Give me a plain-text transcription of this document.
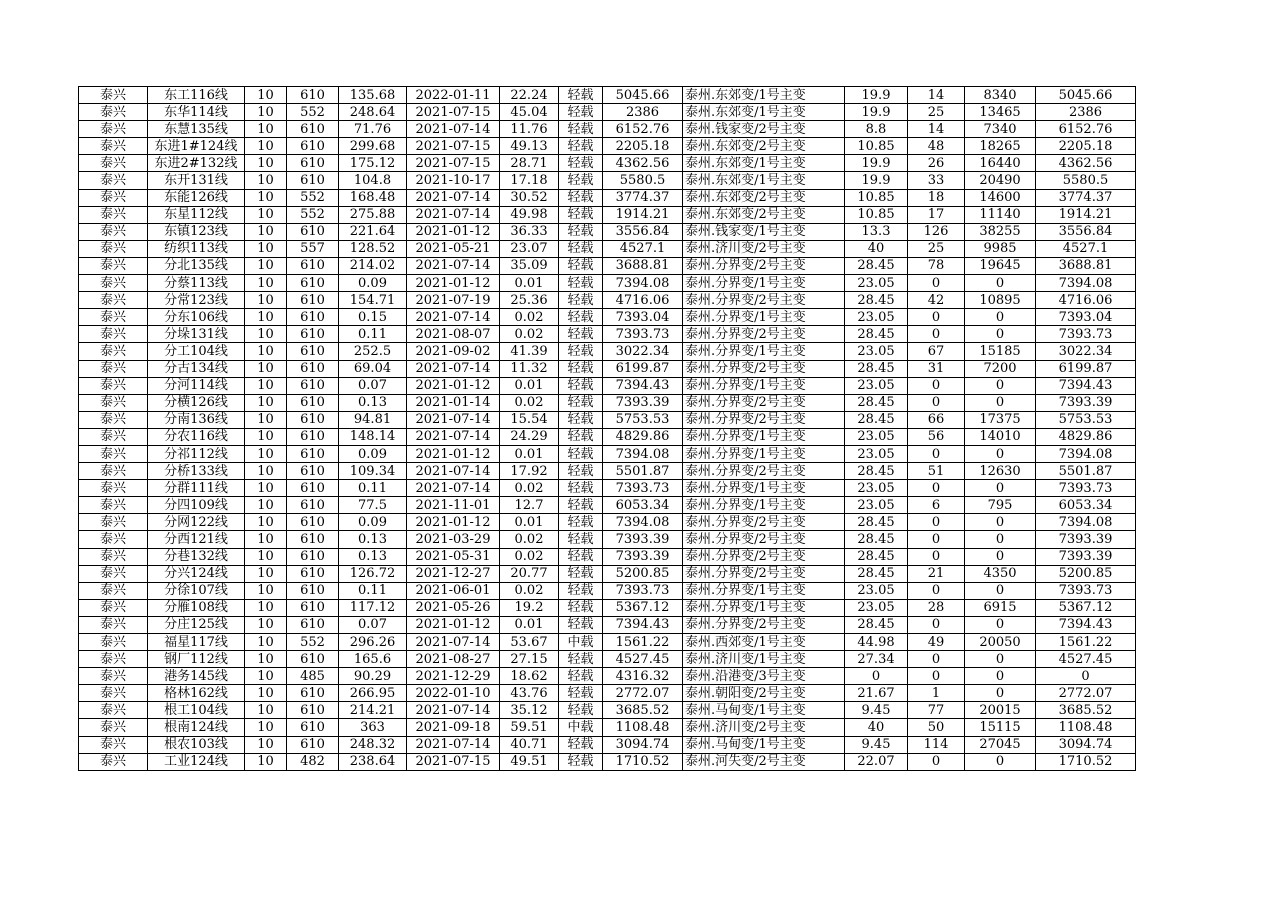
泰兴	东工116线	10	610	135.68	2022-01-11	22.24	轻载	5045.66	泰州.东郊变/1号主变	19.9	14	8340	5045.66
泰兴	东华114线	10	552	248.64	2021-07-15	45.04	轻载	2386	泰州.东郊变/1号主变	19.9	25	13465	2386
泰兴	东慧135线	10	610	71.76	2021-07-14	11.76	轻载	6152.76	泰州.钱家变/2号主变	8.8	14	7340	6152.76
泰兴	东进1#124线	10	610	299.68	2021-07-15	49.13	轻载	2205.18	泰州.东郊变/2号主变	10.85	48	18265	2205.18
泰兴	东进2#132线	10	610	175.12	2021-07-15	28.71	轻载	4362.56	泰州.东郊变/1号主变	19.9	26	16440	4362.56
泰兴	东开131线	10	610	104.8	2021-10-17	17.18	轻载	5580.5	泰州.东郊变/1号主变	19.9	33	20490	5580.5
泰兴	东能126线	10	552	168.48	2021-07-14	30.52	轻载	3774.37	泰州.东郊变/2号主变	10.85	18	14600	3774.37
泰兴	东星112线	10	552	275.88	2021-07-14	49.98	轻载	1914.21	泰州.东郊变/2号主变	10.85	17	11140	1914.21
泰兴	东镇123线	10	610	221.64	2021-01-12	36.33	轻载	3556.84	泰州.钱家变/1号主变	13.3	126	38255	3556.84
泰兴	纺织113线	10	557	128.52	2021-05-21	23.07	轻载	4527.1	泰州.济川变/2号主变	40	25	9985	4527.1
泰兴	分北135线	10	610	214.02	2021-07-14	35.09	轻载	3688.81	泰州.分界变/2号主变	28.45	78	19645	3688.81
泰兴	分蔡113线	10	610	0.09	2021-01-12	0.01	轻载	7394.08	泰州.分界变/1号主变	23.05	0	0	7394.08
泰兴	分常123线	10	610	154.71	2021-07-19	25.36	轻载	4716.06	泰州.分界变/2号主变	28.45	42	10895	4716.06
泰兴	分东106线	10	610	0.15	2021-07-14	0.02	轻载	7393.04	泰州.分界变/1号主变	23.05	0	0	7393.04
泰兴	分垛131线	10	610	0.11	2021-08-07	0.02	轻载	7393.73	泰州.分界变/2号主变	28.45	0	0	7393.73
泰兴	分工104线	10	610	252.5	2021-09-02	41.39	轻载	3022.34	泰州.分界变/1号主变	23.05	67	15185	3022.34
泰兴	分古134线	10	610	69.04	2021-07-14	11.32	轻载	6199.87	泰州.分界变/2号主变	28.45	31	7200	6199.87
泰兴	分河114线	10	610	0.07	2021-01-12	0.01	轻载	7394.43	泰州.分界变/1号主变	23.05	0	0	7394.43
泰兴	分横126线	10	610	0.13	2021-01-14	0.02	轻载	7393.39	泰州.分界变/2号主变	28.45	0	0	7393.39
泰兴	分南136线	10	610	94.81	2021-07-14	15.54	轻载	5753.53	泰州.分界变/2号主变	28.45	66	17375	5753.53
泰兴	分农116线	10	610	148.14	2021-07-14	24.29	轻载	4829.86	泰州.分界变/1号主变	23.05	56	14010	4829.86
泰兴	分祁112线	10	610	0.09	2021-01-12	0.01	轻载	7394.08	泰州.分界变/1号主变	23.05	0	0	7394.08
泰兴	分桥133线	10	610	109.34	2021-07-14	17.92	轻载	5501.87	泰州.分界变/2号主变	28.45	51	12630	5501.87
泰兴	分群111线	10	610	0.11	2021-07-14	0.02	轻载	7393.73	泰州.分界变/1号主变	23.05	0	0	7393.73
泰兴	分四109线	10	610	77.5	2021-11-01	12.7	轻载	6053.34	泰州.分界变/1号主变	23.05	6	795	6053.34
泰兴	分网122线	10	610	0.09	2021-01-12	0.01	轻载	7394.08	泰州.分界变/2号主变	28.45	0	0	7394.08
泰兴	分西121线	10	610	0.13	2021-03-29	0.02	轻载	7393.39	泰州.分界变/2号主变	28.45	0	0	7393.39
泰兴	分巷132线	10	610	0.13	2021-05-31	0.02	轻载	7393.39	泰州.分界变/2号主变	28.45	0	0	7393.39
泰兴	分兴124线	10	610	126.72	2021-12-27	20.77	轻载	5200.85	泰州.分界变/2号主变	28.45	21	4350	5200.85
泰兴	分徐107线	10	610	0.11	2021-06-01	0.02	轻载	7393.73	泰州.分界变/1号主变	23.05	0	0	7393.73
泰兴	分雁108线	10	610	117.12	2021-05-26	19.2	轻载	5367.12	泰州.分界变/1号主变	23.05	28	6915	5367.12
泰兴	分庄125线	10	610	0.07	2021-01-12	0.01	轻载	7394.43	泰州.分界变/2号主变	28.45	0	0	7394.43
泰兴	福星117线	10	552	296.26	2021-07-14	53.67	中载	1561.22	泰州.西郊变/1号主变	44.98	49	20050	1561.22
泰兴	钢厂112线	10	610	165.6	2021-08-27	27.15	轻载	4527.45	泰州.济川变/1号主变	27.34	0	0	4527.45
泰兴	港务145线	10	485	90.29	2021-12-29	18.62	轻载	4316.32	泰州.沿港变/3号主变	0	0	0	0
泰兴	格林162线	10	610	266.95	2022-01-10	43.76	轻载	2772.07	泰州.朝阳变/2号主变	21.67	1	0	2772.07
泰兴	根工104线	10	610	214.21	2021-07-14	35.12	轻载	3685.52	泰州.马甸变/1号主变	9.45	77	20015	3685.52
泰兴	根南124线	10	610	363	2021-09-18	59.51	中载	1108.48	泰州.济川变/2号主变	40	50	15115	1108.48
泰兴	根农103线	10	610	248.32	2021-07-14	40.71	轻载	3094.74	泰州.马甸变/1号主变	9.45	114	27045	3094.74
泰兴	工业124线	10	482	238.64	2021-07-15	49.51	轻载	1710.52	泰州.河失变/2号主变	22.07	0	0	1710.52
